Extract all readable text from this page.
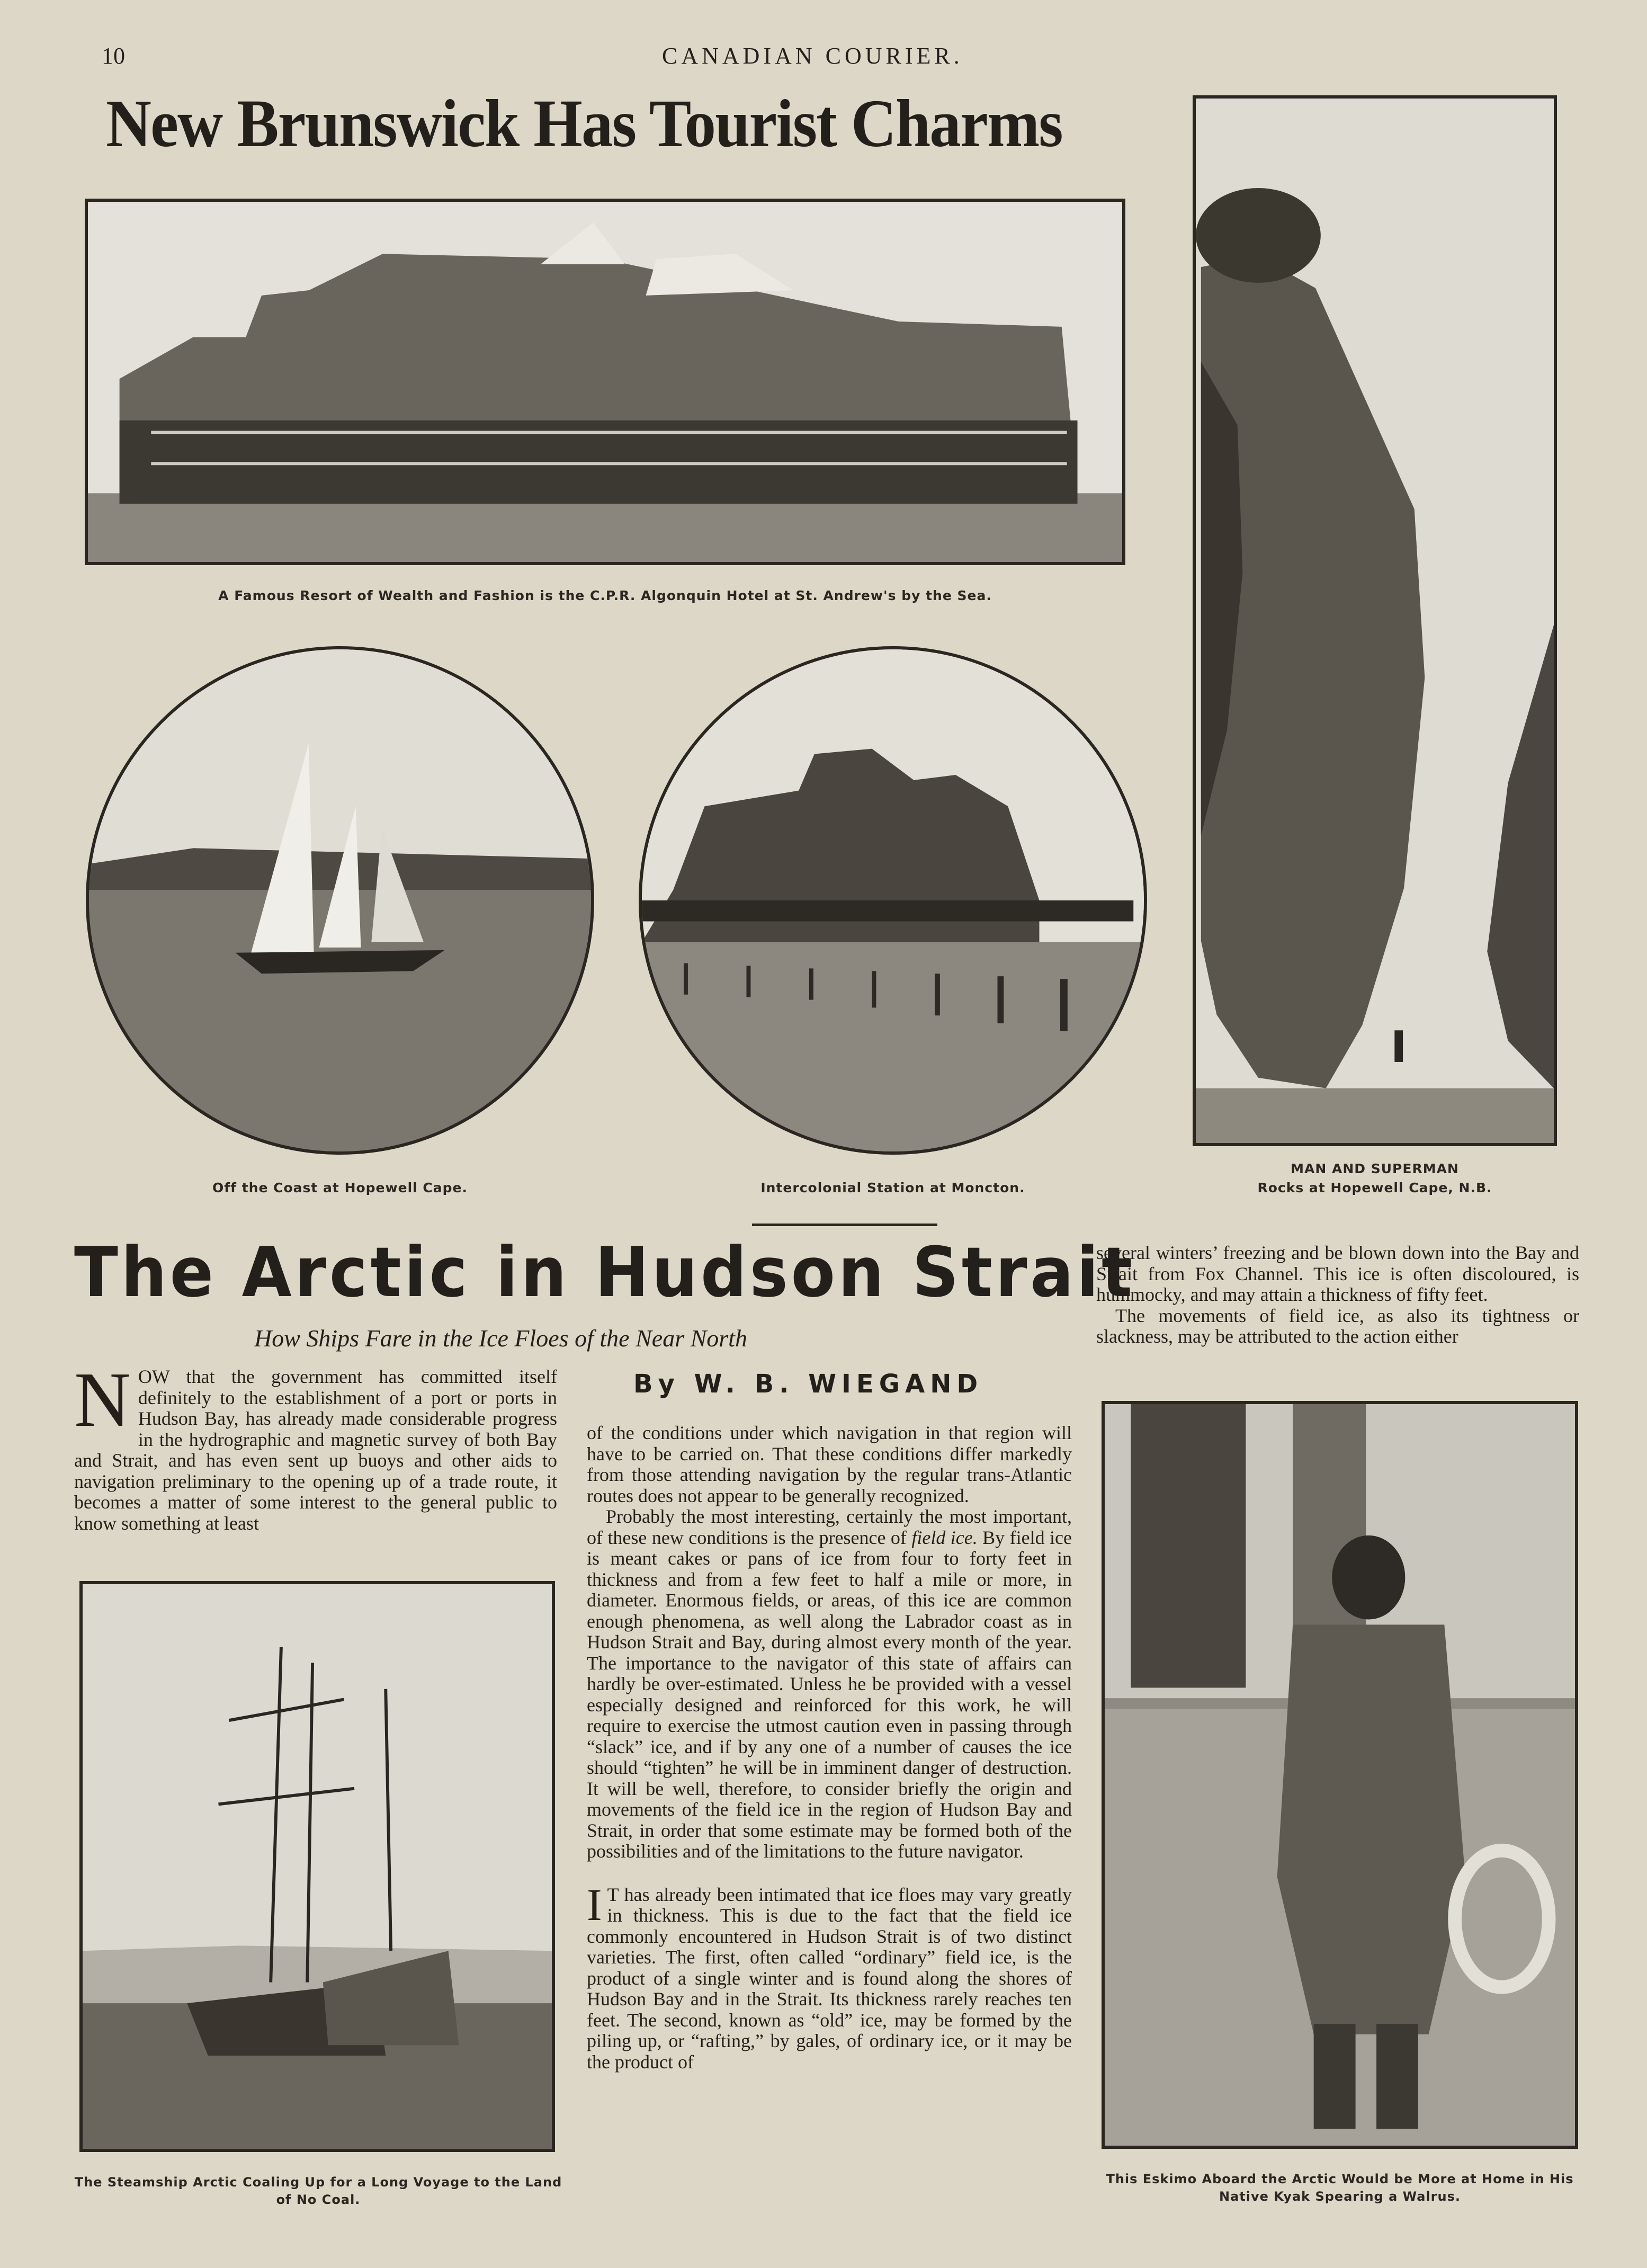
10	CANADIAN COURIER.
New Brunswick Has Tourist Charms
A Famous Resort of Wealth and Fashion is the C.P.R. Algonquin Hotel at St. Andrew's by the Sea.
Off the Coast at Hopewell Cape.	Intercolonial Station at Moncton.
MAN AND SUPERMAN
Rocks at Hopewell Cape, N.B.
The Arctic in Hudson Strait
How Ships Fare in the Ice Floes of the Near North
By W. B. WIEGAND

NOW that the government has committed itself definitely to the establishment of a port or ports in Hudson Bay, has already made considerable progress in the hydrographic and magnetic survey of both Bay and Strait, and has even sent up buoys and other aids to navigation preliminary to the opening up of a trade route, it becomes a matter of some interest to the general public to know something at least

The Steamship Arctic Coaling Up for a Long Voyage to the Land of No Coal.

of the conditions under which navigation in that region will have to be carried on. That these conditions differ markedly from those attending navigation by the regular trans-Atlantic routes does not appear to be generally recognized.

Probably the most interesting, certainly the most important, of these new conditions is the presence of field ice. By field ice is meant cakes or pans of ice from four to forty feet in thickness and from a few feet to half a mile or more, in diameter. Enormous fields, or areas, of this ice are common enough phenomena, as well along the Labrador coast as in Hudson Strait and Bay, during almost every month of the year. The importance to the navigator of this state of affairs can hardly be over-estimated. Unless he be provided with a vessel especially designed and reinforced for this work, he will require to exercise the utmost caution even in passing through “slack” ice, and if by any one of a number of causes the ice should “tighten” he will be in imminent danger of destruction. It will be well, therefore, to consider briefly the origin and movements of the field ice in the region of Hudson Bay and Strait, in order that some estimate may be formed both of the possibilities and of the limitations to the future navigator.

I T has already been intimated that ice floes may vary greatly in thickness. This is due to the fact that the field ice commonly encountered in Hudson Strait is of two distinct varieties. The first, often called “ordinary” field ice, is the product of a single winter and is found along the shores of Hudson Bay and in the Strait. Its thickness rarely reaches ten feet. The second, known as “old” ice, may be formed by the piling up, or “rafting,” by gales, of ordinary ice, or it may be the product of

several winters’ freezing and be blown down into the Bay and Strait from Fox Channel. This ice is often discoloured, is hummocky, and may attain a thickness of fifty feet.

The movements of field ice, as also its tightness or slackness, may be attributed to the action either

This Eskimo Aboard the Arctic Would be More at Home in His Native Kyak Spearing a Walrus.
